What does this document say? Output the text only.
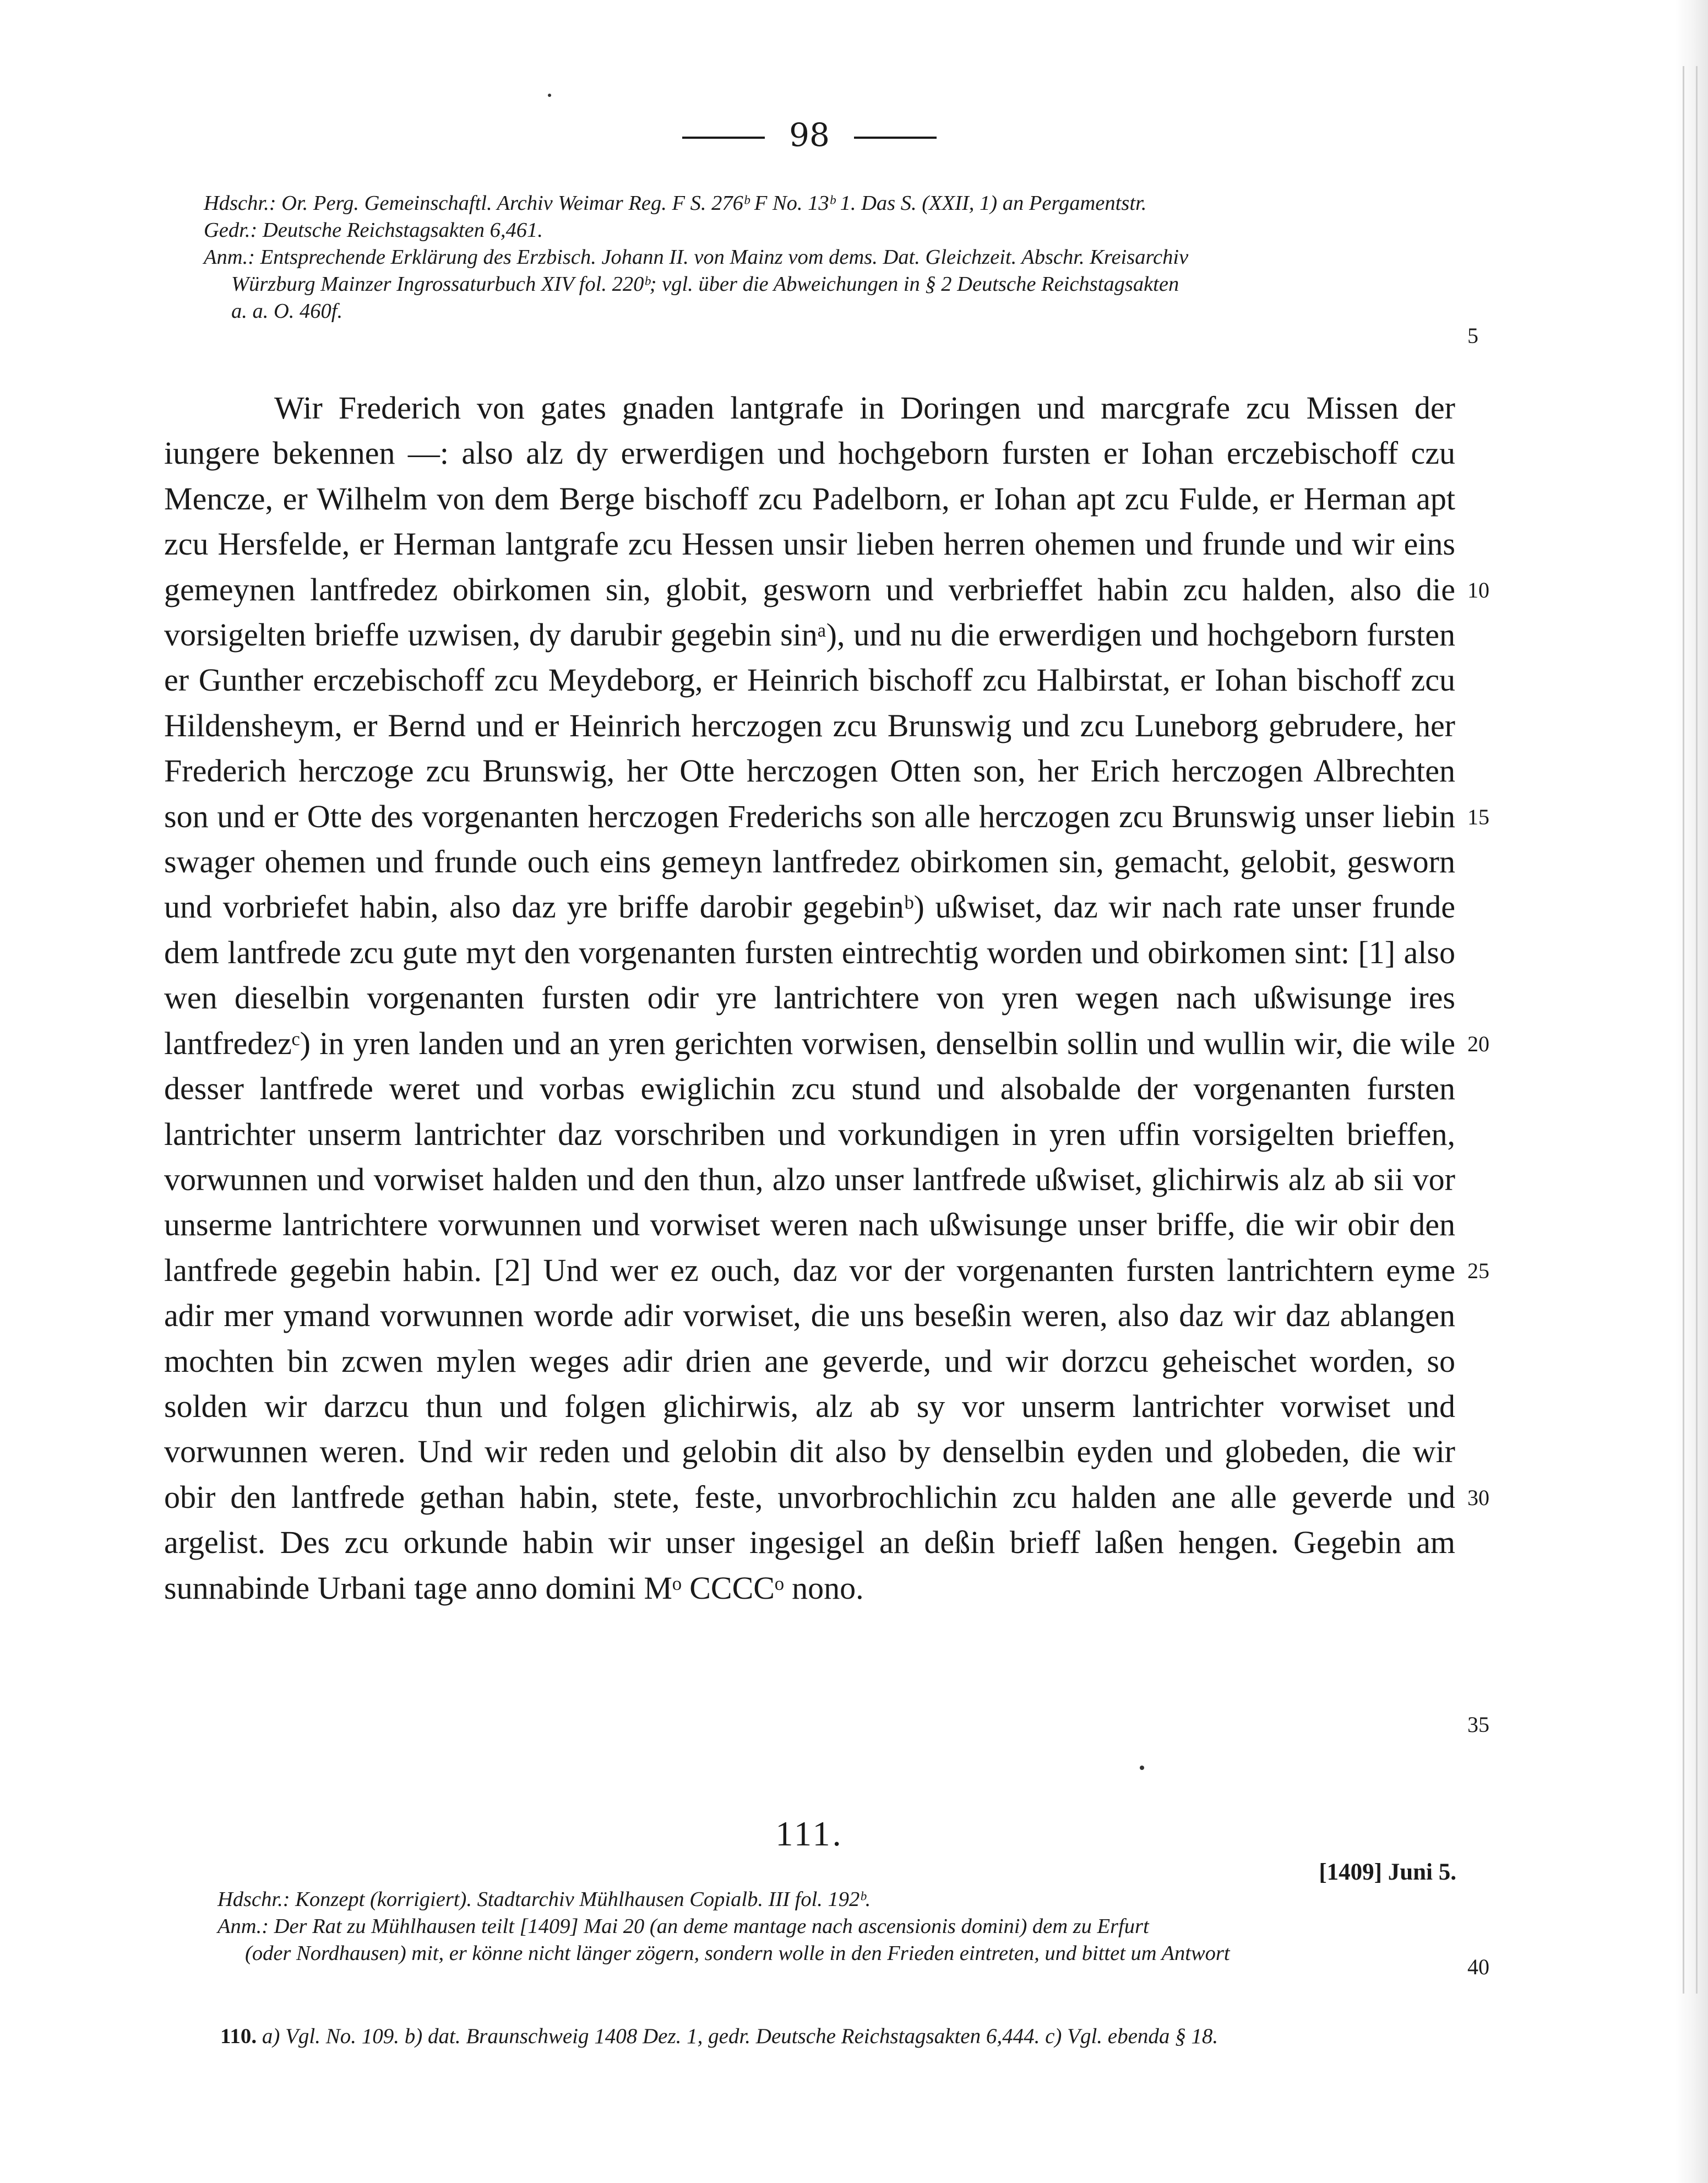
98
Hdschr.: Or. Perg. Gemeinschaftl. Archiv Weimar Reg. F S. 276ᵇ F No. 13ᵇ 1. Das S. (XXII, 1) an Pergamentstr.
Gedr.: Deutsche Reichstagsakten 6,461.
Anm.: Entsprechende Erklärung des Erzbisch. Johann II. von Mainz vom dems. Dat. Gleichzeit. Abschr. Kreisarchiv
Würzburg Mainzer Ingrossaturbuch XIV fol. 220ᵇ; vgl. über die Abweichungen in § 2 Deutsche Reichstagsakten
a. a. O. 460f.
5
10
15
20
25
30
35
40

Wir Frederich von gates gnaden lantgrafe in Doringen und marcgrafe zcu Missen der iungere bekennen —: also alz dy erwerdigen und hochgeborn fursten er Iohan erczebischoff czu Mencze, er Wilhelm von dem Berge bischoff zcu Padelborn, er Iohan apt zcu Fulde, er Herman apt zcu Hersfelde, er Herman lantgrafe zcu Hessen unsir lieben herren ohemen und frunde und wir eins gemeynen lantfredez obirkomen sin, globit, gesworn und verbrieffet habin zcu halden, also die vorsigelten brieffe uzwisen, dy darubir gegebin sinᵃ), und nu die erwerdigen und hochgeborn fursten er Gunther erczebischoff zcu Meydeborg, er Heinrich bischoff zcu Halbirstat, er Iohan bischoff zcu Hildensheym, er Bernd und er Heinrich herczogen zcu Brunswig und zcu Luneborg gebrudere, her Frederich herczoge zcu Brunswig, her Otte herczogen Otten son, her Erich herczogen Albrechten son und er Otte des vorgenanten herczogen Frederichs son alle herczogen zcu Brunswig unser liebin swager ohemen und frunde ouch eins gemeyn lantfredez obirkomen sin, gemacht, gelobit, gesworn und vorbriefet habin, also daz yre briffe darobir gegebinᵇ) ußwiset, daz wir nach rate unser frunde dem lantfrede zcu gute myt den vorgenanten fursten eintrechtig worden und obirkomen sint: [1] also wen dieselbin vorgenanten fursten odir yre lantrichtere von yren wegen nach ußwisunge ires lantfredezᶜ) in yren landen und an yren gerichten vorwisen, denselbin sollin und wullin wir, die wile desser lantfrede weret und vorbas ewiglichin zcu stund und alsobalde der vorgenanten fursten lantrichter unserm lantrichter daz vorschriben und vorkundigen in yren uffin vorsigelten brieffen, vorwunnen und vorwiset halden und den thun, alzo unser lantfrede ußwiset, glichirwis alz ab sii vor unserme lantrichtere vorwunnen und vorwiset weren nach ußwisunge unser briffe, die wir obir den lantfrede gegebin habin. [2] Und wer ez ouch, daz vor der vorgenanten fursten lantrichtern eyme adir mer ymand vorwunnen worde adir vorwiset, die uns beseßin weren, also daz wir daz ablangen mochten bin zcwen mylen weges adir drien ane geverde, und wir dorzcu geheischet worden, so solden wir darzcu thun und folgen glichirwis, alz ab sy vor unserm lantrichter vorwiset und vorwunnen weren. Und wir reden und gelobin dit also by denselbin eyden und globeden, die wir obir den lantfrede gethan habin, stete, feste, unvorbrochlichin zcu halden ane alle geverde und argelist. Des zcu orkunde habin wir unser ingesigel an deßin brieff laßen hengen. Gegebin am sunnabinde Urbani tage anno domini Mᵒ CCCCᵒ nono.

111.
[1409] Juni 5.
Hdschr.: Konzept (korrigiert). Stadtarchiv Mühlhausen Copialb. III fol. 192ᵇ.
Anm.: Der Rat zu Mühlhausen teilt [1409] Mai 20 (an deme mantage nach ascensionis domini) dem zu Erfurt
(oder Nordhausen) mit, er könne nicht länger zögern, sondern wolle in den Frieden eintreten, und bittet um Antwort
110. a) Vgl. No. 109. b) dat. Braunschweig 1408 Dez. 1, gedr. Deutsche Reichstagsakten 6,444. c) Vgl. ebenda § 18.
